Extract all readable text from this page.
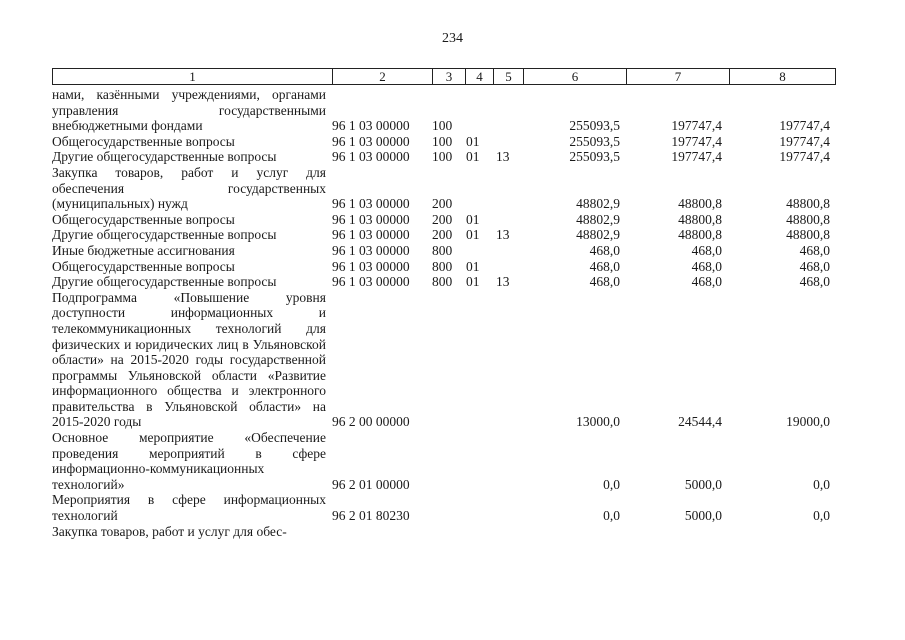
234
1	2	3	4	5	6	7	8
нами, казёнными учреждениями, органами управления государственными внебюджетными фондами	96 1 03 00000 100	255093,5	197747,4	197747,4
Общегосударственные вопросы	96 1 03 00000 100 01	255093,5	197747,4	197747,4
Другие общегосударственные вопросы	96 1 03 00000 100 01 13	255093,5	197747,4	197747,4
Закупка товаров, работ и услуг для обеспечения государственных (муниципальных) нужд	96 1 03 00000 200	48802,9	48800,8	48800,8
Общегосударственные вопросы	96 1 03 00000 200 01	48802,9	48800,8	48800,8
Другие общегосударственные вопросы	96 1 03 00000 200 01 13	48802,9	48800,8	48800,8
Иные бюджетные ассигнования	96 1 03 00000 800	468,0	468,0	468,0
Общегосударственные вопросы	96 1 03 00000 800 01	468,0	468,0	468,0
Другие общегосударственные вопросы	96 1 03 00000 800 01 13	468,0	468,0	468,0
Подпрограмма «Повышение уровня доступности информационных и телекоммуникационных технологий для физических и юридических лиц в Ульяновской области» на 2015-2020 годы государственной программы Ульяновской области «Развитие информационного общества и электронного правительства в Ульяновской области» на 2015-2020 годы	96 2 00 00000	13000,0	24544,4	19000,0
Основное мероприятие «Обеспечение проведения мероприятий в сфере информационно-коммуникационных технологий»	96 2 01 00000	0,0	5000,0	0,0
Мероприятия в сфере информационных технологий	96 2 01 80230	0,0	5000,0	0,0
Закупка товаров, работ и услуг для обес-
